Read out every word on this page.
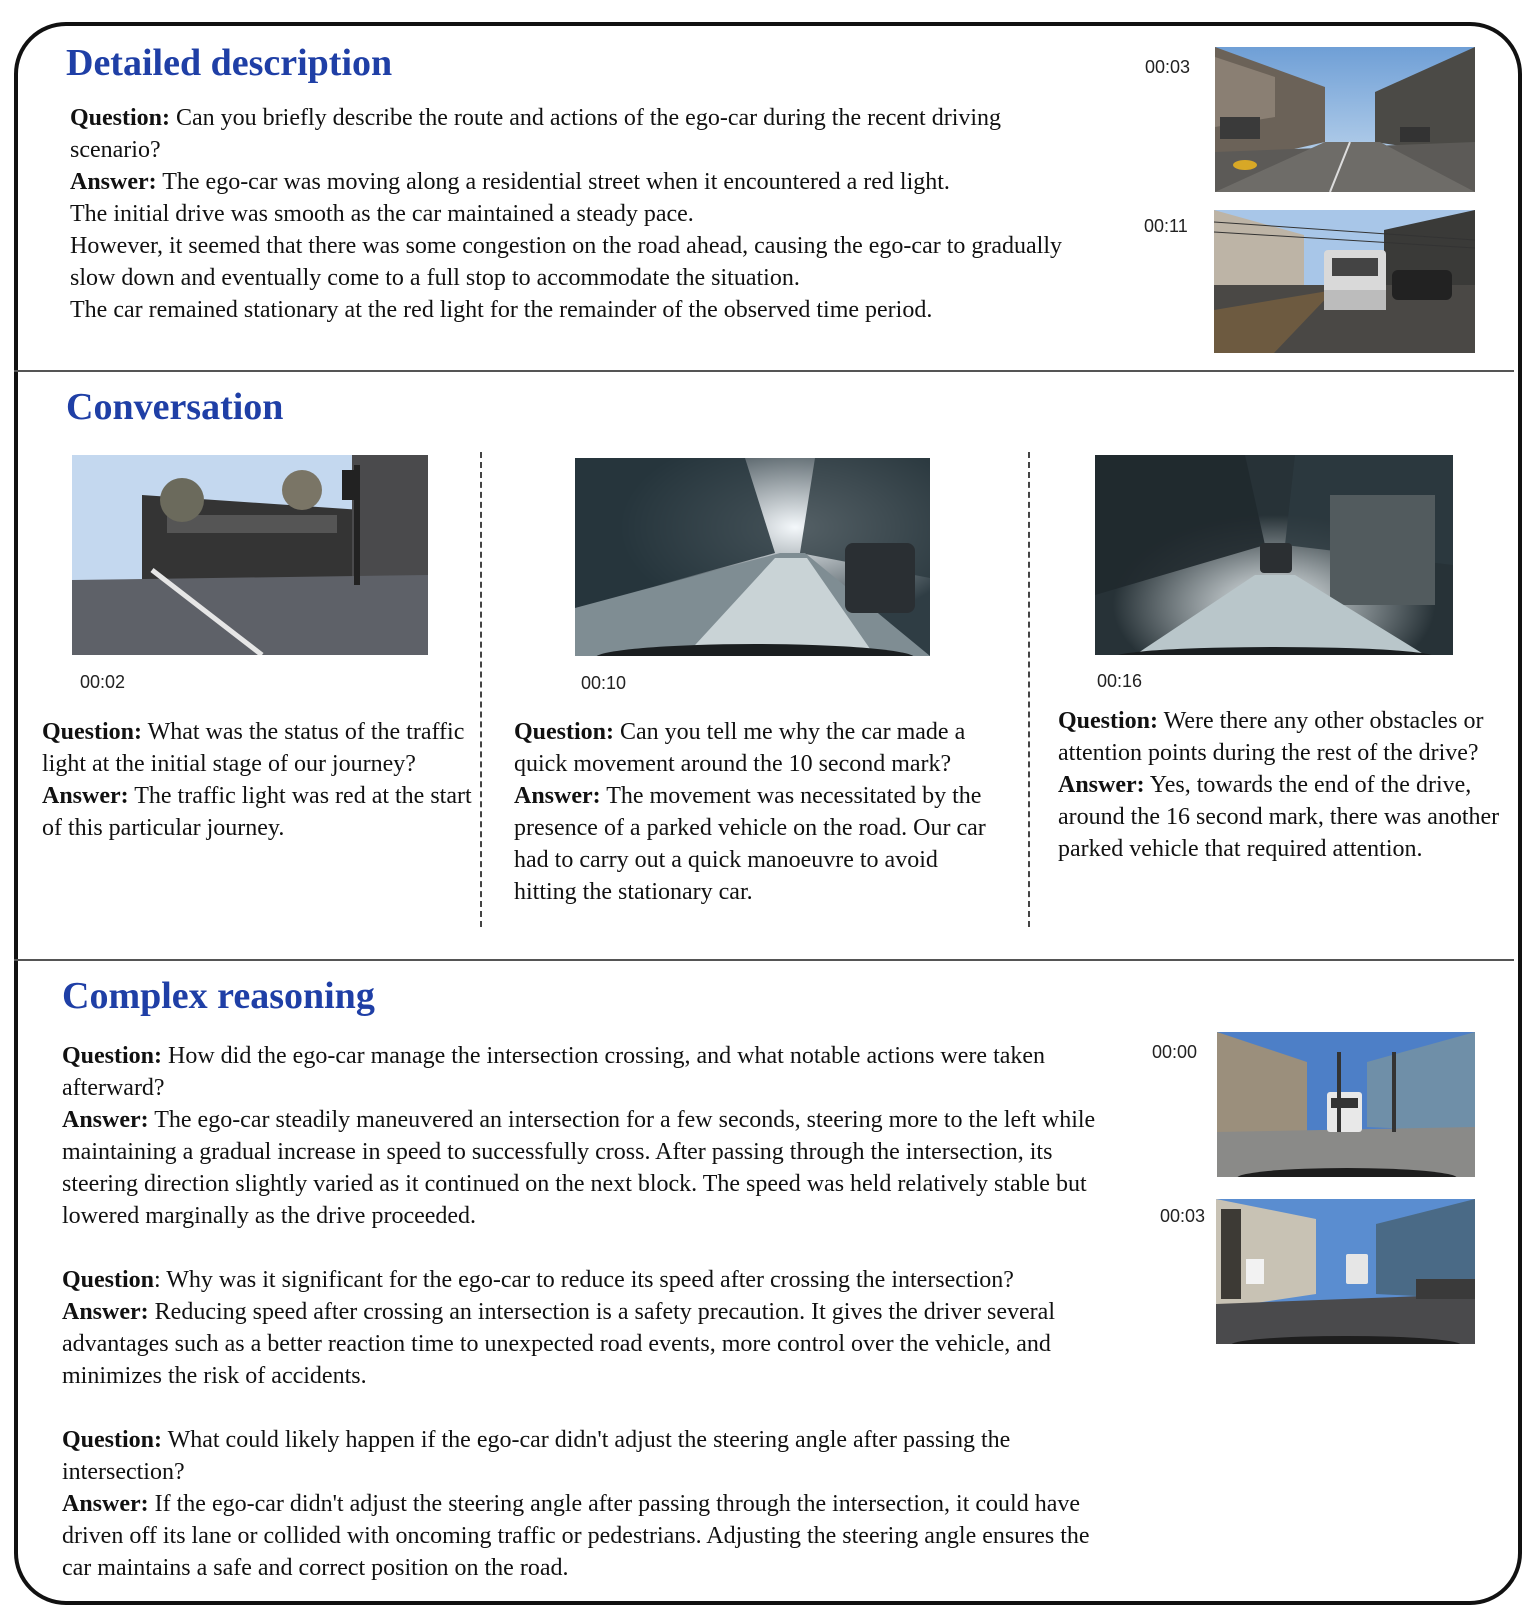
Detailed description

Question: Can you briefly describe the route and actions of the ego-car during the recent driving scenario?

Answer: The ego-car was moving along a residential street when it encountered a red light.

The initial drive was smooth as the car maintained a steady pace.

However, it seemed that there was some congestion on the road ahead, causing the ego-car to gradually slow down and eventually come to a full stop to accommodate the situation.

The car remained stationary at the red light for the remainder of the observed time period.

00:03
00:11
Conversation
00:02

Question: What was the status of the traffic light at the initial stage of our journey?

Answer: The traffic light was red at the start of this particular journey.

00:10

Question: Can you tell me why the car made a quick movement around the 10 second mark?

Answer: The movement was necessitated by the presence of a parked vehicle on the road. Our car had to carry out a quick manoeuvre to avoid hitting the stationary car.

00:16

Question: Were there any other obstacles or attention points during the rest of the drive?

Answer: Yes, towards the end of the drive, around the 16 second mark, there was another parked vehicle that required attention.

Complex reasoning

Question: How did the ego-car manage the intersection crossing, and what notable actions were taken afterward?

Answer: The ego-car steadily maneuvered an intersection for a few seconds, steering more to the left while maintaining a gradual increase in speed to successfully cross. After passing through the intersection, its steering direction slightly varied as it continued on the next block. The speed was held relatively stable but lowered marginally as the drive proceeded.

Question: Why was it significant for the ego-car to reduce its speed after crossing the intersection?

Answer: Reducing speed after crossing an intersection is a safety precaution. It gives the driver several advantages such as a better reaction time to unexpected road events, more control over the vehicle, and minimizes the risk of accidents.

Question: What could likely happen if the ego-car didn't adjust the steering angle after passing the intersection?

Answer: If the ego-car didn't adjust the steering angle after passing through the intersection, it could have driven off its lane or collided with oncoming traffic or pedestrians. Adjusting the steering angle ensures the car maintains a safe and correct position on the road.

00:00
00:03
